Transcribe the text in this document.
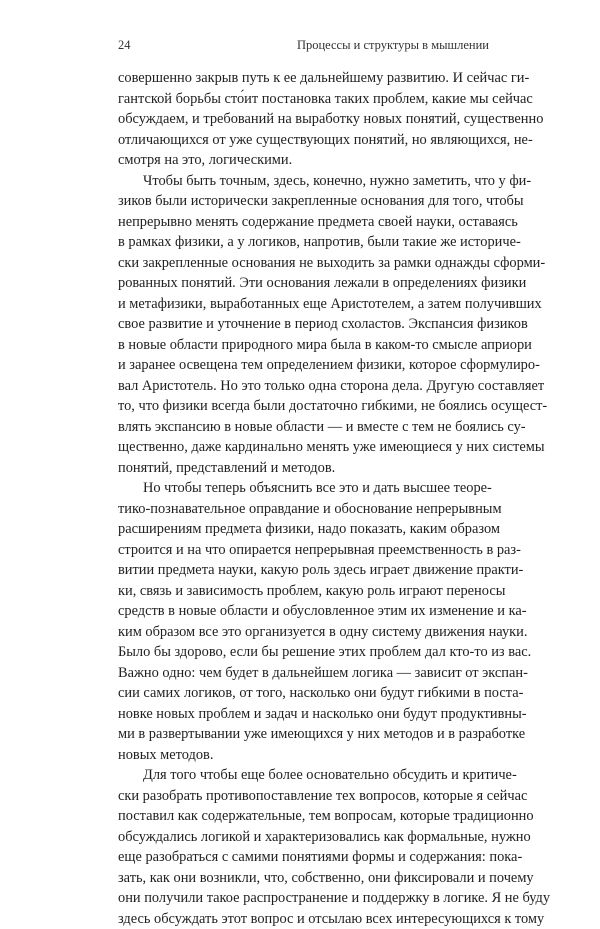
24	Процессы и структуры в мышлении

совершенно закрыв путь к ее дальнейшему развитию. И сейчас ги-
гантской борьбы сто́ит постановка таких проблем, какие мы сейчас
обсуждаем, и требований на выработку новых понятий, существенно
отличающихся от уже существующих понятий, но являющихся, не-
смотря на это, логическими.

Чтобы быть точным, здесь, конечно, нужно заметить, что у фи-
зиков были исторически закрепленные основания для того, чтобы
непрерывно менять содержание предмета своей науки, оставаясь
в рамках физики, а у логиков, напротив, были такие же историче-
ски закрепленные основания не выходить за рамки однажды сформи-
рованных понятий. Эти основания лежали в определениях физики
и метафизики, выработанных еще Аристотелем, а затем получивших
свое развитие и уточнение в период схоластов. Экспансия физиков
в новые области природного мира была в каком-то смысле априори
и заранее освещена тем определением физики, которое сформулиро-
вал Аристотель. Но это только одна сторона дела. Другую составляет
то, что физики всегда были достаточно гибкими, не боялись осущест-
влять экспансию в новые области — и вместе с тем не боялись су-
щественно, даже кардинально менять уже имеющиеся у них системы
понятий, представлений и методов.

Но чтобы теперь объяснить все это и дать высшее теоре-
тико-познавательное оправдание и обоснование непрерывным
расширениям предмета физики, надо показать, каким образом
строится и на что опирается непрерывная преемственность в раз-
витии предмета науки, какую роль здесь играет движение практи-
ки, связь и зависимость проблем, какую роль играют переносы
средств в новые области и обусловленное этим их изменение и ка-
ким образом все это организуется в одну систему движения науки.
Было бы здорово, если бы решение этих проблем дал кто-то из вас.
Важно одно: чем будет в дальнейшем логика — зависит от экспан-
сии самих логиков, от того, насколько они будут гибкими в поста-
новке новых проблем и задач и насколько они будут продуктивны-
ми в развертывании уже имеющихся у них методов и в разработке
новых методов.

Для того чтобы еще более основательно обсудить и критиче-
ски разобрать противопоставление тех вопросов, которые я сейчас
поставил как содержательные, тем вопросам, которые традиционно
обсуждались логикой и характеризовались как формальные, нужно
еще разобраться с самими понятиями формы и содержания: пока-
зать, как они возникли, что, собственно, они фиксировали и почему
они получили такое распространение и поддержку в логике. Я не буду
здесь обсуждать этот вопрос и отсылаю всех интересующихся к тому
